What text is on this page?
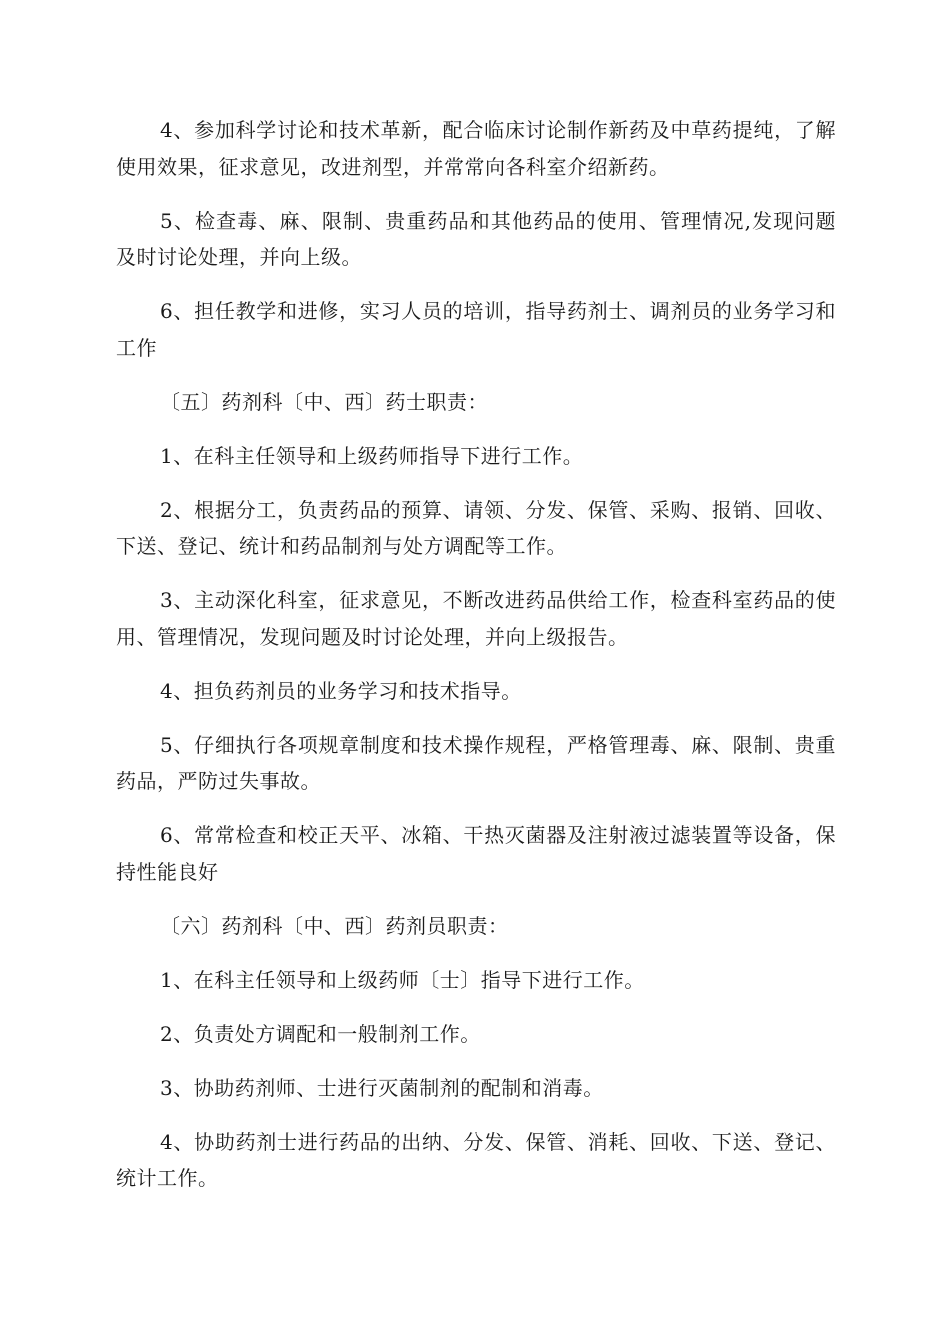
4、参加科学讨论和技术革新，配合临床讨论制作新药及中草药提纯，了解使用效果，征求意见，改进剂型，并常常向各科室介绍新药。

5、检查毒、麻、限制、贵重药品和其他药品的使用、管理情况,发现问题及时讨论处理，并向上级。

6、担任教学和进修，实习人员的培训，指导药剂士、调剂员的业务学习和工作

〔五〕药剂科〔中、西〕药士职责：

1、在科主任领导和上级药师指导下进行工作。

2、根据分工，负责药品的预算、请领、分发、保管、采购、报销、回收、下送、登记、统计和药品制剂与处方调配等工作。

3、主动深化科室，征求意见，不断改进药品供给工作，检查科室药品的使用、管理情况，发现问题及时讨论处理，并向上级报告。

4、担负药剂员的业务学习和技术指导。

5、仔细执行各项规章制度和技术操作规程，严格管理毒、麻、限制、贵重药品，严防过失事故。

6、常常检查和校正天平、冰箱、干热灭菌器及注射液过滤装置等设备，保持性能良好

〔六〕药剂科〔中、西〕药剂员职责：

1、在科主任领导和上级药师〔士〕指导下进行工作。

2、负责处方调配和一般制剂工作。

3、协助药剂师、士进行灭菌制剂的配制和消毒。

4、协助药剂士进行药品的出纳、分发、保管、消耗、回收、下送、登记、统计工作。
